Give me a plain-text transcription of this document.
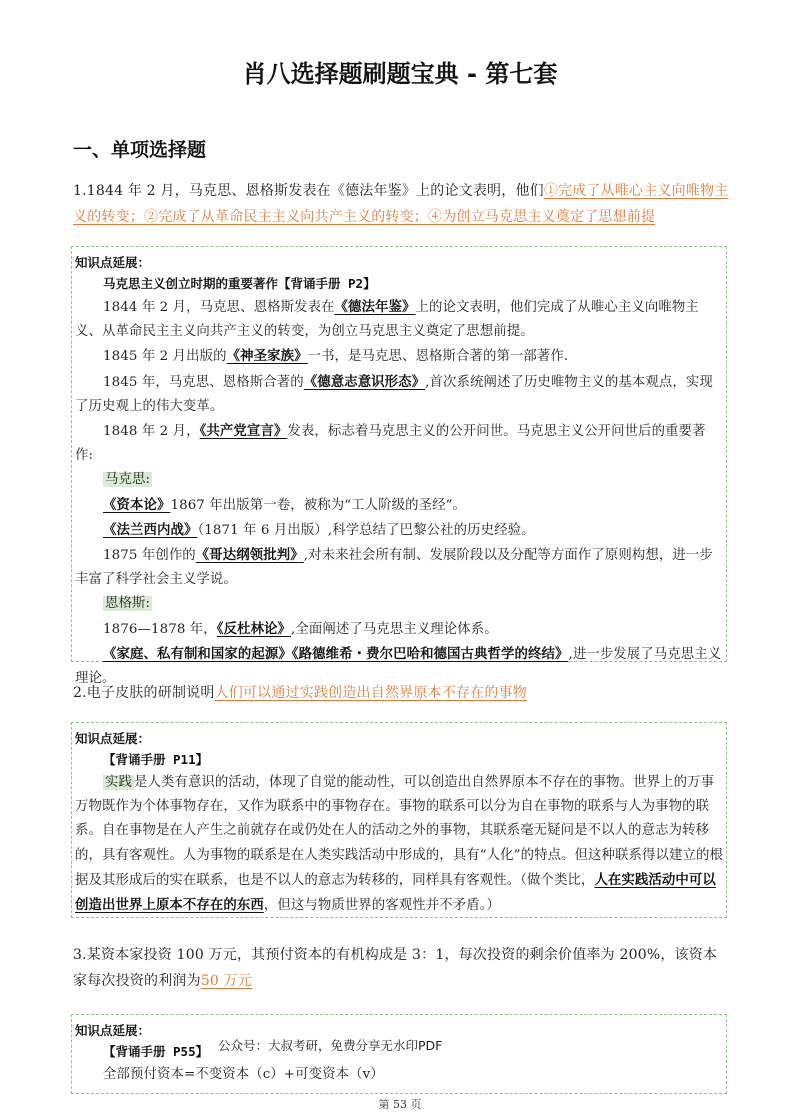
肖八选择题刷题宝典 - 第七套
一、单项选择题
1.1844 年 2 月，马克思、恩格斯发表在《德法年鉴》上的论文表明，他们①完成了从唯心主义向唯物主义的转变；②完成了从革命民主主义向共产主义的转变；④为创立马克思主义奠定了思想前提
知识点延展：
马克思主义创立时期的重要著作【背诵手册 P2】

1844 年 2 月，马克思、恩格斯发表在《德法年鉴》上的论文表明，他们完成了从唯心主义向唯物主义、从革命民主主义向共产主义的转变，为创立马克思主义奠定了思想前提。

1845 年 2 月出版的《神圣家族》一书，是马克思、恩格斯合著的第一部著作.

1845 年，马克思、恩格斯合著的《德意志意识形态》,首次系统阐述了历史唯物主义的基本观点，实现了历史观上的伟大变革。

1848 年 2 月，《共产党宣言》发表，标志着马克思主义的公开问世。马克思主义公开问世后的重要著作:

马克思:

《资本论》1867 年出版第一卷，被称为“工人阶级的圣经”。

《法兰西内战》（1871 年 6 月出版）,科学总结了巴黎公社的历史经验。

1875 年创作的《哥达纲领批判》,对未来社会所有制、发展阶段以及分配等方面作了原则构想，进一步丰富了科学社会主义学说。

恩格斯:

1876—1878 年，《反杜林论》,全面阐述了马克思主义理论体系。

《家庭、私有制和国家的起源》《路德维希・费尔巴哈和德国古典哲学的终结》,进一步发展了马克思主义理论。

2.电子皮肤的研制说明人们可以通过实践创造出自然界原本不存在的事物
知识点延展：
【背诵手册 P11】

实践 是人类有意识的活动，体现了自觉的能动性，可以创造出自然界原本不存在的事物。世界上的万事万物既作为个体事物存在，又作为联系中的事物存在。事物的联系可以分为自在事物的联系与人为事物的联系。自在事物是在人产生之前就存在或仍处在人的活动之外的事物，其联系毫无疑问是不以人的意志为转移的，具有客观性。人为事物的联系是在人类实践活动中形成的，具有“人化”的特点。但这种联系得以建立的根据及其形成后的实在联系，也是不以人的意志为转移的，同样具有客观性。（做个类比，人在实践活动中可以创造出世界上原本不存在的东西，但这与物质世界的客观性并不矛盾。）

3.某资本家投资 100 万元，其预付资本的有机构成是 3：1，每次投资的剩余价值率为 200%，该资本家每次投资的利润为50 万元
知识点延展：
【背诵手册 P55】

全部预付资本=不变资本（c）+可变资本（v）

公众号：大叔考研，免费分享无水印PDF
第 53 页
